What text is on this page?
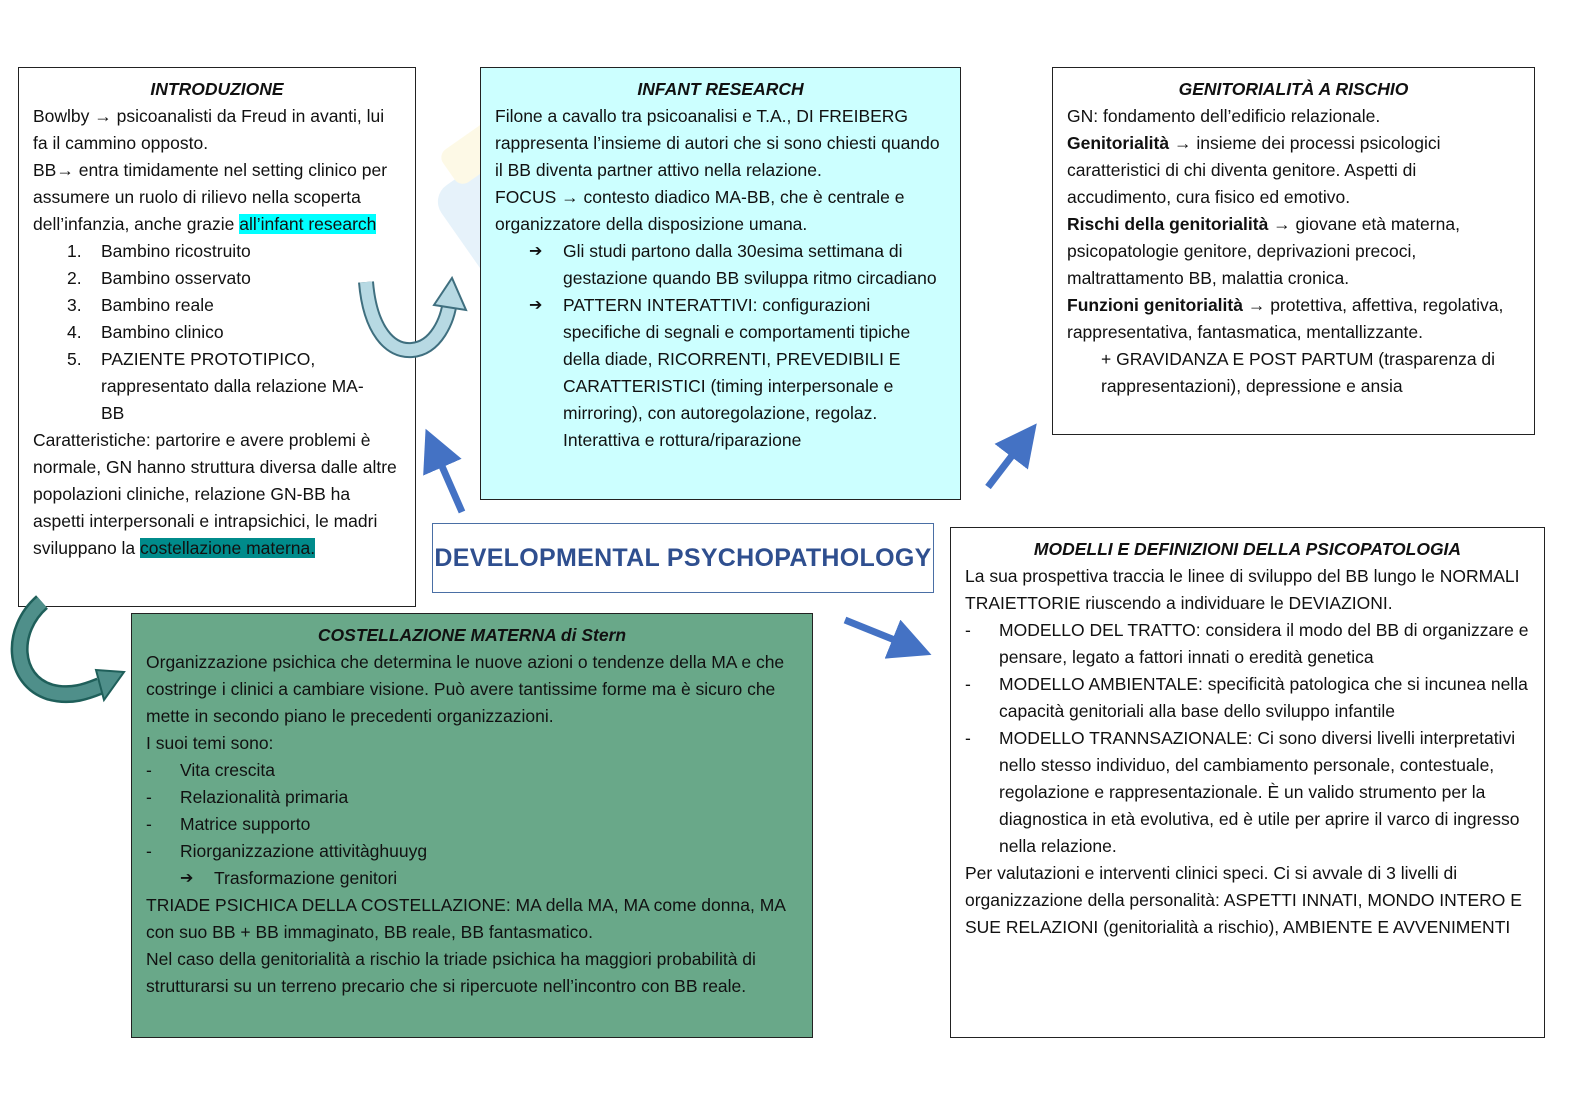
INTRODUZIONE

Bowlby → psicoanalisti da Freud in avanti, lui fa il cammino opposto.

BB→ entra timidamente nel setting clinico per assumere un ruolo di rilievo nella scoperta dell’infanzia, anche grazie all’infant research

1.	Bambino ricostruito
2.	Bambino osservato
3.	Bambino reale
4.	Bambino clinico
5.	PAZIENTE PROTOTIPICO, rappresentato dalla relazione MA-BB

Caratteristiche: partorire e avere problemi è normale, GN hanno struttura diversa dalle altre popolazioni cliniche, relazione GN-BB ha aspetti interpersonali e intrapsichici, le madri sviluppano la costellazione materna.

INFANT RESEARCH

Filone a cavallo tra psicoanalisi e T.A., DI FREIBERG rappresenta l’insieme di autori che si sono chiesti quando il BB diventa partner attivo nella relazione.

FOCUS → contesto diadico MA-BB, che è centrale e organizzatore della disposizione umana.

➔	Gli studi partono dalla 30esima settimana di gestazione quando BB sviluppa ritmo circadiano
➔	PATTERN INTERATTIVI: configurazioni specifiche di segnali e comportamenti tipiche della diade, RICORRENTI, PREVEDIBILI E CARATTERISTICI (timing interpersonale e mirroring), con autoregolazione, regolaz. Interattiva e rottura/riparazione

GENITORIALITÀ A RISCHIO

GN: fondamento dell’edificio relazionale.

Genitorialità → insieme dei processi psicologici caratteristici di chi diventa genitore. Aspetti di accudimento, cura fisico ed emotivo.

Rischi della genitorialità → giovane età materna, psicopatologie genitore, deprivazioni precoci, maltrattamento BB, malattia cronica.

Funzioni genitorialità → protettiva, affettiva, regolativa, rappresentativa, fantasmatica, mentallizzante.

+ GRAVIDANZA E POST PARTUM (trasparenza di rappresentazioni), depressione e ansia

DEVELOPMENTAL PSYCHOPATHOLOGY

COSTELLAZIONE MATERNA di Stern

Organizzazione psichica che determina le nuove azioni o tendenze della MA e che costringe i clinici a cambiare visione. Può avere tantissime forme ma è sicuro che mette in secondo piano le precedenti organizzazioni.

I suoi temi sono:

-	Vita crescita
-	Relazionalità primaria
-	Matrice supporto
-	Riorganizzazione attivitàghuuyg

➔	Trasformazione genitori

TRIADE PSICHICA DELLA COSTELLAZIONE: MA della MA, MA come donna, MA con suo BB + BB immaginato, BB reale, BB fantasmatico.

Nel caso della genitorialità a rischio la triade psichica ha maggiori probabilità di strutturarsi su un terreno precario che si ripercuote nell’incontro con BB reale.

MODELLI E DEFINIZIONI DELLA PSICOPATOLOGIA

La sua prospettiva traccia le linee di sviluppo del BB lungo le NORMALI TRAIETTORIE riuscendo a individuare le DEVIAZIONI.

-	MODELLO DEL TRATTO: considera il modo del BB di organizzare e pensare, legato a fattori innati o eredità genetica
-	MODELLO AMBIENTALE: specificità patologica che si incunea nella capacità genitoriali alla base dello sviluppo infantile
-	MODELLO TRANNSAZIONALE: Ci sono diversi livelli interpretativi nello stesso individuo, del cambiamento personale, contestuale, regolazione e rappresentazionale. È un valido strumento per la diagnostica in età evolutiva, ed è utile per aprire il varco di ingresso nella relazione.

Per valutazioni e interventi clinici speci. Ci si avvale di 3 livelli di organizzazione della personalità: ASPETTI INNATI, MONDO INTERO E SUE RELAZIONI (genitorialità a rischio), AMBIENTE E AVVENIMENTI
